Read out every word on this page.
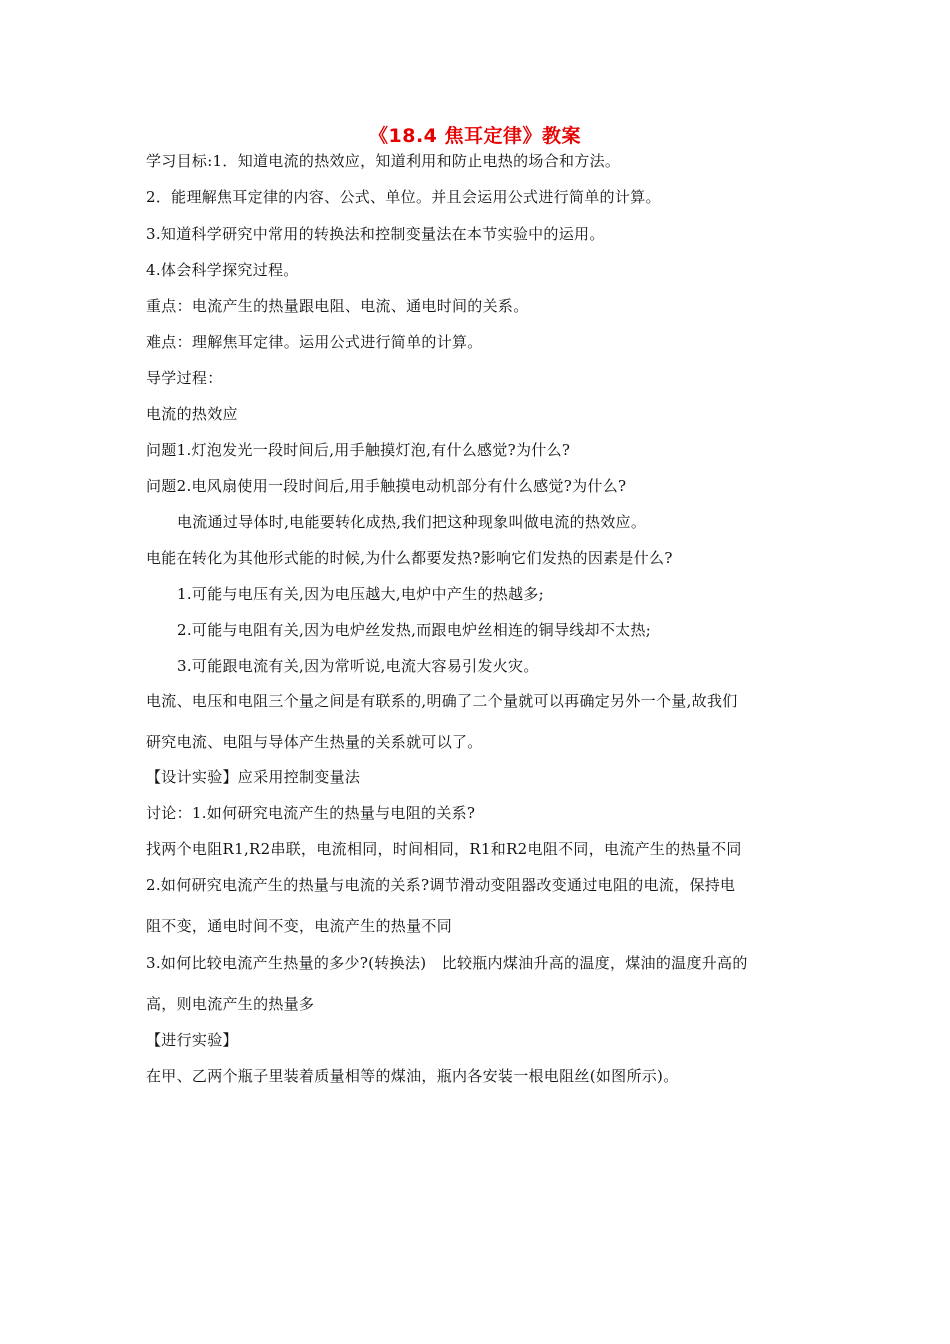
《18.4 焦耳定律》教案
学习目标:1．知道电流的热效应，知道利用和防止电热的场合和方法。
2．能理解焦耳定律的内容、公式、单位。并且会运用公式进行简单的计算。
3.知道科学研究中常用的转换法和控制变量法在本节实验中的运用。
4.体会科学探究过程。
重点：电流产生的热量跟电阻、电流、通电时间的关系。
难点：理解焦耳定律。运用公式进行简单的计算。
导学过程：
电流的热效应
问题1.灯泡发光一段时间后,用手触摸灯泡,有什么感觉?为什么?
问题2.电风扇使用一段时间后,用手触摸电动机部分有什么感觉?为什么?
电流通过导体时,电能要转化成热,我们把这种现象叫做电流的热效应。
电能在转化为其他形式能的时候,为什么都要发热?影响它们发热的因素是什么?
1.可能与电压有关,因为电压越大,电炉中产生的热越多;
2.可能与电阻有关,因为电炉丝发热,而跟电炉丝相连的铜导线却不太热;
3.可能跟电流有关,因为常听说,电流大容易引发火灾。
电流、电压和电阻三个量之间是有联系的,明确了二个量就可以再确定另外一个量,故我们
研究电流、电阻与导体产生热量的关系就可以了。
【设计实验】应采用控制变量法
讨论：1.如何研究电流产生的热量与电阻的关系?
找两个电阻R1,R2串联，电流相同，时间相同，R1和R2电阻不同，电流产生的热量不同
2.如何研究电流产生的热量与电流的关系?调节滑动变阻器改变通过电阻的电流，保持电
阻不变，通电时间不变，电流产生的热量不同
3.如何比较电流产生热量的多少?(转换法)　比较瓶内煤油升高的温度，煤油的温度升高的
高，则电流产生的热量多
【进行实验】
在甲、乙两个瓶子里装着质量相等的煤油，瓶内各安装一根电阻丝(如图所示)。
